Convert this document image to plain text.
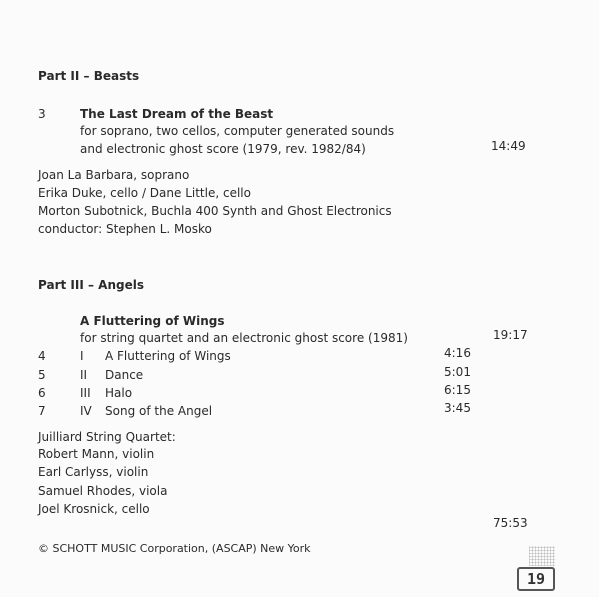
Part II – Beasts
3	The Last Dream of the Beast
for soprano, two cellos, computer generated sounds
and electronic ghost score (1979, rev. 1982/84)	14:49
Joan La Barbara, soprano
Erika Duke, cello / Dane Little, cello
Morton Subotnick, Buchla 400 Synth and Ghost Electronics
conductor: Stephen L. Mosko
Part III – Angels
A Fluttering of Wings
for string quartet and an electronic ghost score (1981)	19:17
4	I A Fluttering of Wings	4:16
5	II Dance	5:01
6	III Halo	6:15
7	IV Song of the Angel	3:45
Juilliard String Quartet:
Robert Mann, violin
Earl Carlyss, violin
Samuel Rhodes, viola
Joel Krosnick, cello
75:53
© SCHOTT MUSIC Corporation, (ASCAP) New York
19
